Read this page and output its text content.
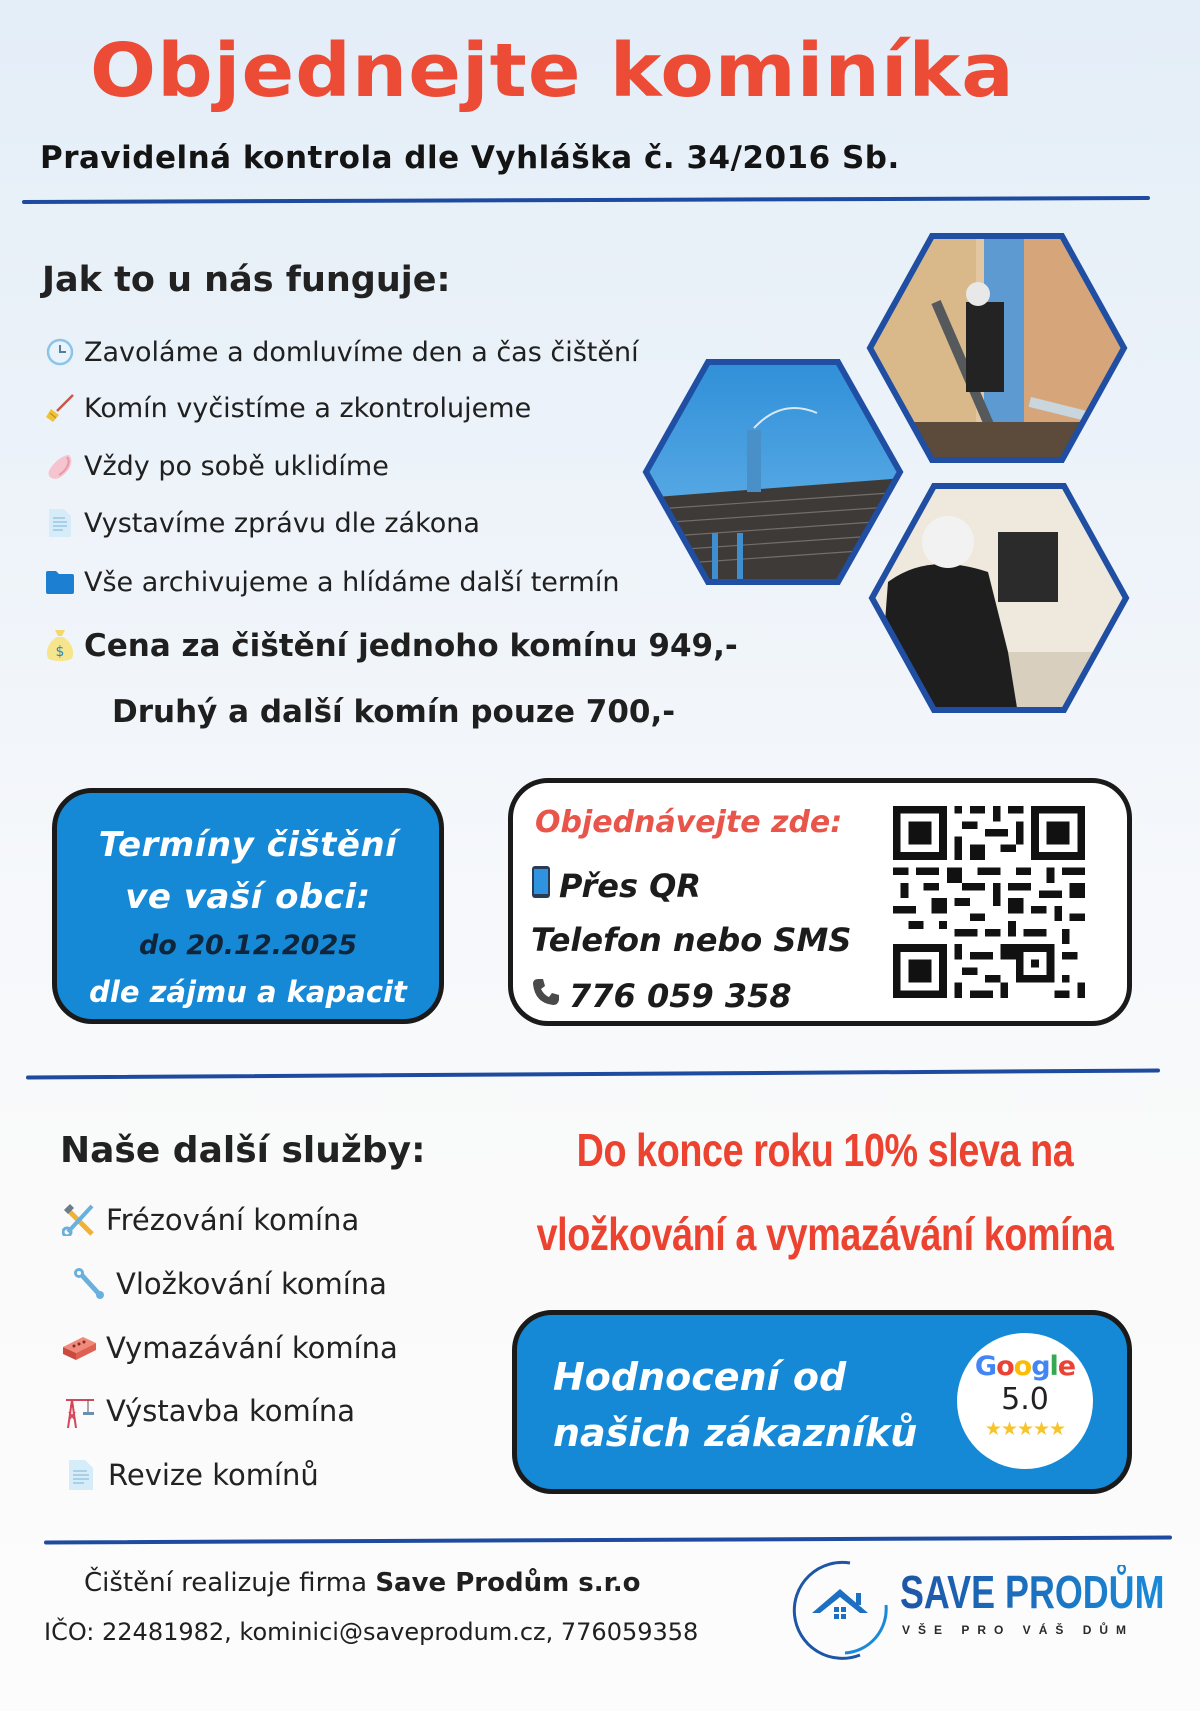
Objednejte kominíka
Pravidelná kontrola dle Vyhláška č. 34/2016 Sb.
Jak to u nás funguje:
Zavoláme a domluvíme den a čas čištění
Komín vyčistíme a zkontrolujeme
Vždy po sobě uklidíme
Vystavíme zprávu dle zákona
Vše archivujeme a hlídáme další termín
$ Cena za čištění jednoho komínu 949,-
Druhý a další komín pouze 700,-
Termíny čištění
ve vaší obci:
do 20.12.2025
dle zájmu a kapacit
Objednávejte zde:
Přes QR
Telefon nebo SMS
776 059 358
Naše další služby:
Frézování komína
Vložkování komína
Vymazávání komína
Výstavba komína
Revize komínů
Do konce roku 10% sleva na
vložkování a vymazávání komína
Hodnocení od
našich zákazníků
Google
5.0
★★★★★
Čištění realizuje firma Save Prodům s.r.o
IČO: 22481982, kominici@saveprodum.cz, 776059358
SAVE PRODŮM
VŠE PRO VÁŠ DŮM
